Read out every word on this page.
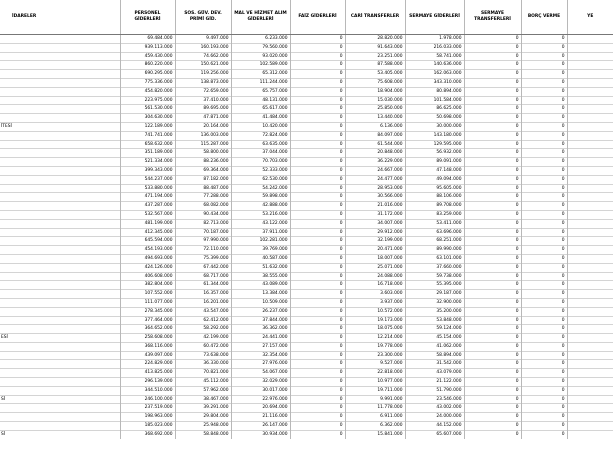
İDARELER	PERSONEL GİDERLERİ	SOS. GÜV. DEV. PRİMİ GİD.	MAL VE HİZMET ALIM GİDERLERİ	FAİZ GİDERLERİ	CARİ TRANSFERLER	SERMAYE GİDERLERİ	SERMAYE TRANSFERLERİ	BORÇ VERME	YE
	69.484.000	9.497.000	6.233.000	0	28.820.000	1.978.000	0	0	
	939.113.000	160.193.000	79.560.000	0	91.643.000	216.033.000	0	0	
	459.430.000	74.662.000	93.020.000	0	23.251.000	58.741.000	0	0	
	860.220.000	150.621.000	102.589.000	0	87.588.000	140.636.000	0	0	
	690.295.000	119.256.000	65.312.000	0	53.405.000	162.063.000	0	0	
	775.336.000	138.873.000	111.244.000	0	75.608.000	343.310.000	0	0	
	454.820.000	72.659.000	65.757.000	0	18.904.000	80.894.000	0	0	
	223.975.000	37.410.000	48.131.000	0	15.030.000	101.584.000	0	0	
	561.530.000	89.695.000	65.617.000	0	25.850.000	86.625.000	0	0	
	304.630.000	47.871.000	41.484.000	0	13.440.000	50.698.000	0	0	
İTESİ	122.189.000	20.164.000	10.420.000	0	6.136.000	30.000.000	0	0	
	741.741.000	136.003.000	72.824.000	0	84.097.000	143.180.000	0	0	
	658.632.000	115.287.000	63.635.000	0	61.544.000	129.595.000	0	0	
	351.189.000	58.800.000	37.044.000	0	20.848.000	56.932.000	0	0	
	521.334.000	88.236.000	70.703.000	0	36.229.000	89.091.000	0	0	
	399.343.000	69.364.000	52.333.000	0	24.667.000	47.148.000	0	0	
	544.237.000	87.182.000	62.530.000	0	24.477.000	49.094.000	0	0	
	533.880.000	88.487.000	54.242.000	0	28.953.000	95.605.000	0	0	
	471.194.000	77.288.000	59.898.000	0	30.566.000	88.106.000	0	0	
	437.287.000	68.082.000	42.888.000	0	21.016.000	89.708.000	0	0	
	532.567.000	90.434.000	53.216.000	0	31.172.000	83.259.000	0	0	
	481.199.000	82.713.000	43.122.000	0	34.007.000	53.411.000	0	0	
	412.345.000	70.187.000	37.911.000	0	29.912.000	63.696.000	0	0	
	645.594.000	97.990.000	102.281.000	0	32.199.000	68.251.000	0	0	
	454.193.000	72.110.000	39.769.000	0	20.471.000	89.990.000	0	0	
	494.693.000	75.399.000	40.587.000	0	18.007.000	63.101.000	0	0	
	424.126.000	67.442.000	51.632.000	0	25.071.000	37.660.000	0	0	
	406.608.000	68.717.000	38.555.000	0	24.088.000	59.738.000	0	0	
	382.804.000	61.344.000	43.089.000	0	16.718.000	55.395.000	0	0	
	107.552.000	16.357.000	13.384.000	0	3.603.000	29.187.000	0	0	
	111.077.000	16.201.000	10.509.000	0	3.937.000	32.900.000	0	0	
	278.345.000	43.547.000	26.237.000	0	10.572.000	35.200.000	0	0	
	377.464.000	62.412.000	37.844.000	0	19.173.000	53.848.000	0	0	
	364.652.000	58.292.000	36.362.000	0	18.075.000	59.124.000	0	0	
ESİ	258.608.000	42.199.000	24.441.000	0	12.214.000	45.154.000	0	0	
	368.116.000	60.472.000	27.157.000	0	19.778.000	41.062.000	0	0	
	439.097.000	73.638.000	32.354.000	0	23.300.000	58.894.000	0	0	
	224.829.000	36.330.000	27.976.000	0	9.527.000	31.542.000	0	0	
	413.825.000	70.821.000	54.067.000	0	22.818.000	43.079.000	0	0	
	296.139.000	45.112.000	32.029.000	0	10.977.000	21.122.000	0	0	
	344.510.000	57.962.000	30.017.000	0	19.711.000	51.790.000	0	0	
Sİ	246.100.000	38.467.000	22.976.000	0	9.991.000	23.546.000	0	0	
	237.519.000	39.291.000	20.694.000	0	11.778.000	43.002.000	0	0	
	198.963.000	29.804.000	21.116.000	0	6.911.000	24.000.000	0	0	
	185.023.000	25.948.000	26.147.000	0	6.362.000	44.152.000	0	0	
Sİ	368.692.000	58.848.000	30.934.000	0	15.841.000	65.607.000	0	0	
